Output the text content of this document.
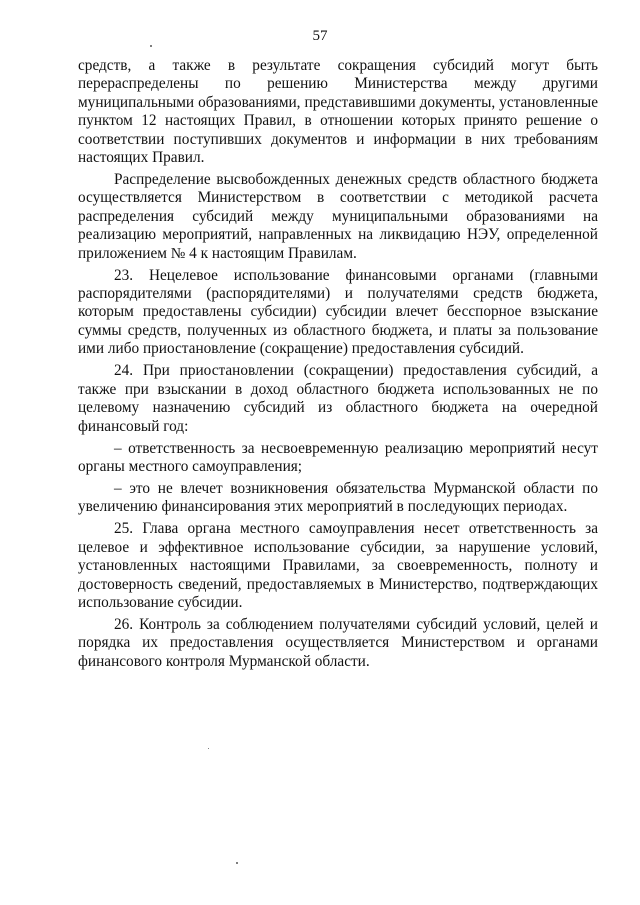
57

средств, а также в результате сокращения субсидий могут быть перераспределены по решению Министерства между другими муниципальными образованиями, представившими документы, установленные пунктом 12 настоящих Правил, в отношении которых принято решение о соответствии поступивших документов и информации в них требованиям настоящих Правил.

Распределение высвобожденных денежных средств областного бюджета осуществляется Министерством в соответствии с методикой расчета распределения субсидий между муниципальными образованиями на реализацию мероприятий, направленных на ликвидацию НЭУ, определенной приложением № 4 к настоящим Правилам.

23. Нецелевое использование финансовыми органами (главными распорядителями (распорядителями) и получателями средств бюджета, которым предоставлены субсидии) субсидии влечет бесспорное взыскание суммы средств, полученных из областного бюджета, и платы за пользование ими либо приостановление (сокращение) предоставления субсидий.

24. При приостановлении (сокращении) предоставления субсидий, а также при взыскании в доход областного бюджета использованных не по целевому назначению субсидий из областного бюджета на очередной финансовый год:

– ответственность за несвоевременную реализацию мероприятий несут органы местного самоуправления;

– это не влечет возникновения обязательства Мурманской области по увеличению финансирования этих мероприятий в последующих периодах.

25. Глава органа местного самоуправления несет ответственность за целевое и эффективное использование субсидии, за нарушение условий, установленных настоящими Правилами, за своевременность, полноту и достоверность сведений, предоставляемых в Министерство, подтверждающих использование субсидии.

26. Контроль за соблюдением получателями субсидий условий, целей и порядка их предоставления осуществляется Министерством и органами финансового контроля Мурманской области.
